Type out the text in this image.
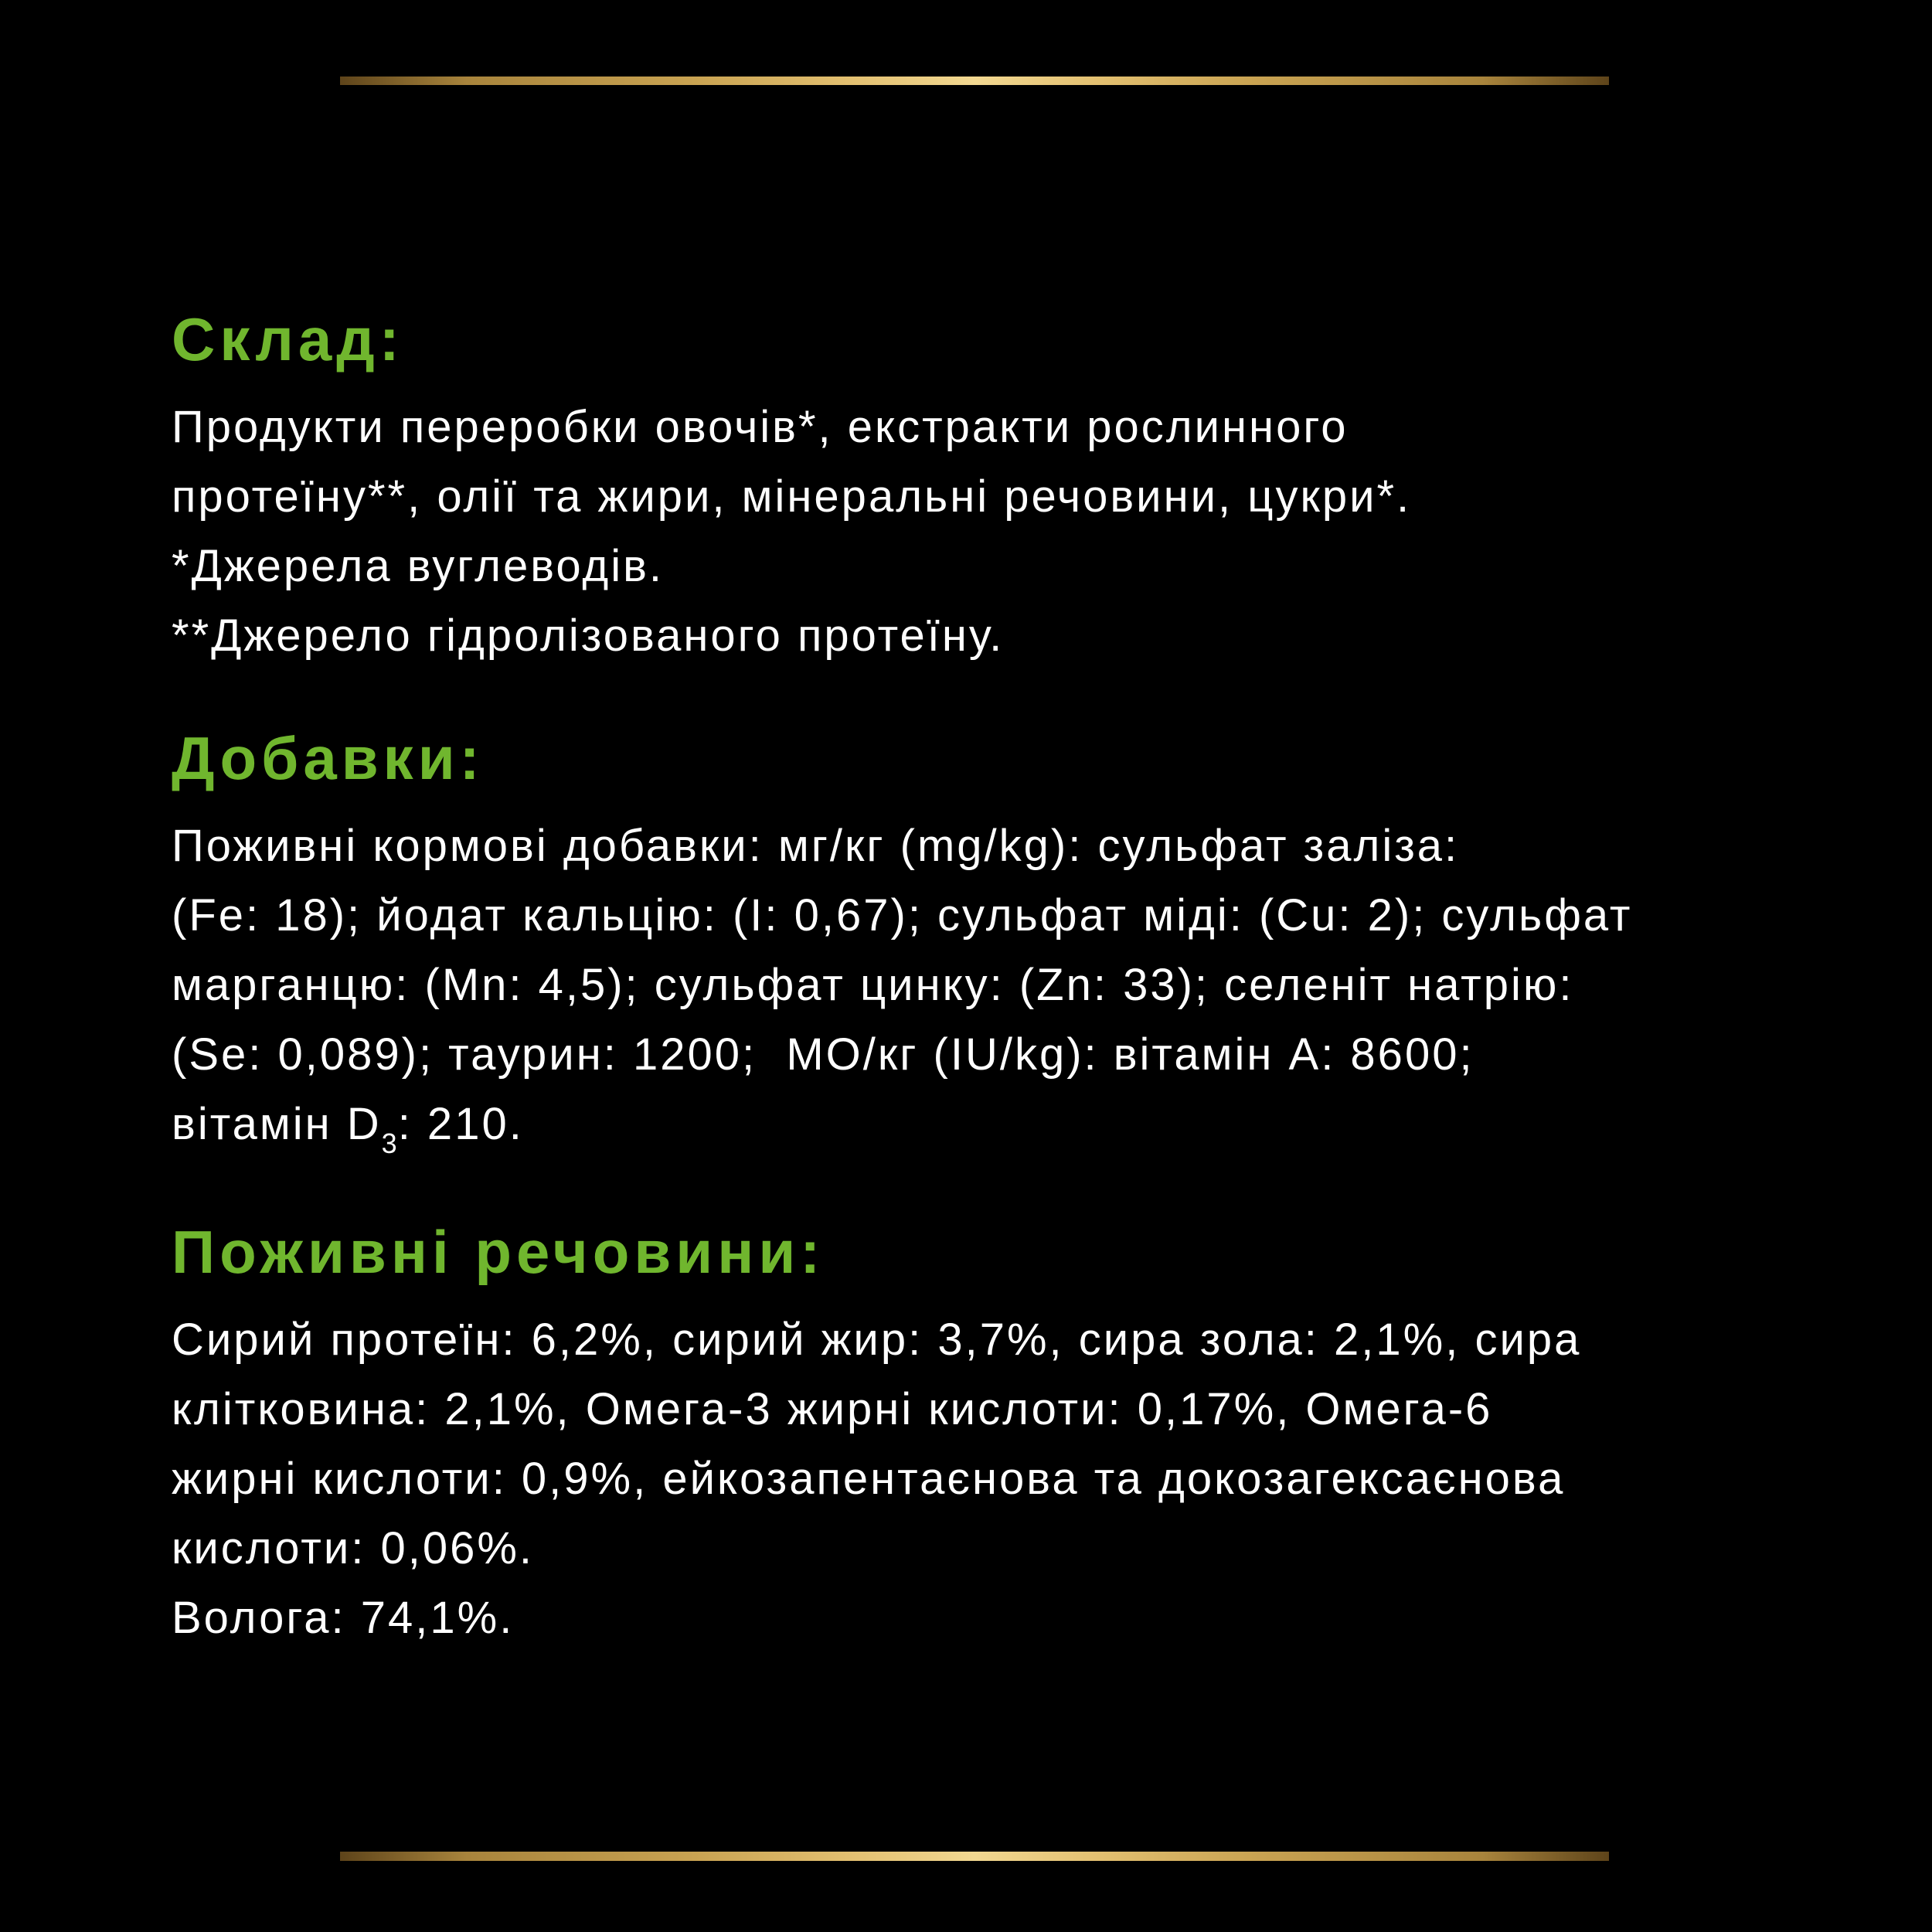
Склад:

Продукти переробки овочів*, екстракти рослинного

протеїну**, олії та жири, мінеральні речовини, цукри*.

*Джерела вуглеводів.

**Джерело гідролізованого протеїну.

Добавки:

Поживні кормові добавки: мг/кг (mg/kg): сульфат заліза:

(Fe: 18); йодат кальцію: (І: 0,67); сульфат міді: (Cu: 2); сульфат

марганцю: (Mn: 4,5); сульфат цинку: (Zn: 33); селеніт натрію:

(Se: 0,089); таурин: 1200;  МО/кг (IU/kg): вітамін A: 8600;

вітамін $D_3$: 210.

Поживні речовини:

Сирий протеїн: 6,2%, сирий жир: 3,7%, сира зола: 2,1%, сира

клітковина: 2,1%, Омега-3 жирні кислоти: 0,17%, Омега-6

жирні кислоти: 0,9%, ейкозапентаєнова та докозагексаєнова

кислоти: 0,06%.

Волога: 74,1%.
